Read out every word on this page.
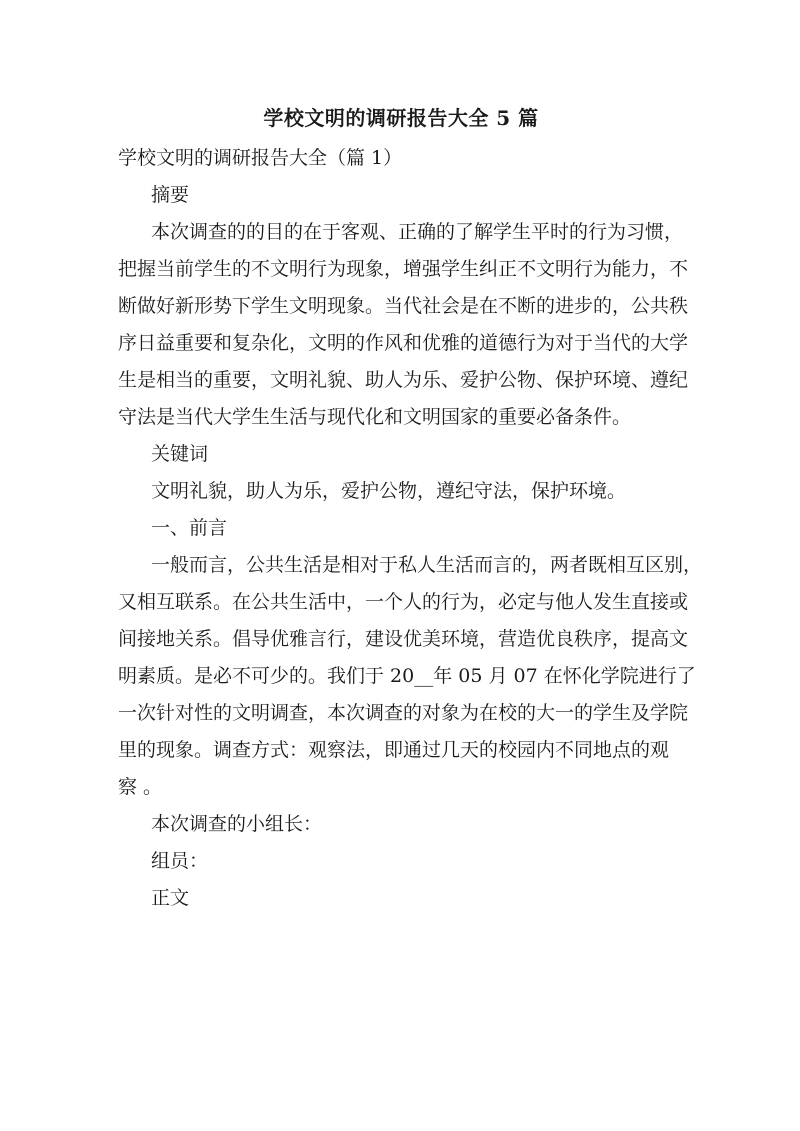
学校文明的调研报告大全 5 篇

学校文明的调研报告大全（篇 1）

摘要

本次调查的的目的在于客观、正确的了解学生平时的行为习惯，

把握当前学生的不文明行为现象，增强学生纠正不文明行为能力，不

断做好新形势下学生文明现象。当代社会是在不断的进步的，公共秩

序日益重要和复杂化，文明的作风和优雅的道德行为对于当代的大学

生是相当的重要，文明礼貌、助人为乐、爱护公物、保护环境、遵纪

守法是当代大学生生活与现代化和文明国家的重要必备条件。

关键词

文明礼貌，助人为乐，爱护公物，遵纪守法，保护环境。

一、前言

一般而言，公共生活是相对于私人生活而言的，两者既相互区别，

又相互联系。在公共生活中，一个人的行为，必定与他人发生直接或

间接地关系。倡导优雅言行，建设优美环境，营造优良秩序，提高文

明素质。是必不可少的。我们于 20__年 05 月 07 在怀化学院进行了

一次针对性的文明调查，本次调查的对象为在校的大一的学生及学院

里的现象。调查方式：观察法，即通过几天的校园内不同地点的观

察 。

本次调查的小组长：

组员：

正文
